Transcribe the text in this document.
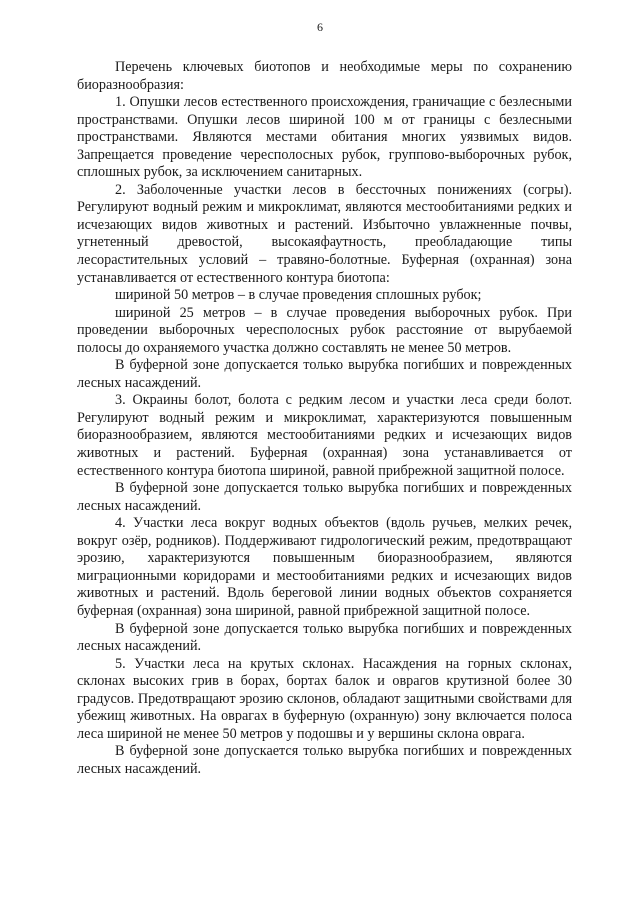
6

Перечень ключевых биотопов и необходимые меры по сохранению биоразнообразия:

1. Опушки лесов естественного происхождения, граничащие с безлесными пространствами. Опушки лесов шириной 100 м от границы с безлесными пространствами. Являются местами обитания многих уязвимых видов. Запрещается проведение чересполосных рубок, группово-выборочных рубок, сплошных рубок, за исключением санитарных.

2. Заболоченные участки лесов в бессточных понижениях (согры). Регулируют водный режим и микроклимат, являются местообитаниями редких и исчезающих видов животных и растений. Избыточно увлажненные почвы, угнетенный древостой, высокаяфаутность, преобладающие типы лесорастительных условий – травяно-болотные. Буферная (охранная) зона устанавливается от естественного контура биотопа:

шириной 50 метров – в случае проведения сплошных рубок;

шириной 25 метров – в случае проведения выборочных рубок. При проведении выборочных чересполосных рубок расстояние от вырубаемой полосы до охраняемого участка должно составлять не менее 50 метров.

В буферной зоне допускается только вырубка погибших и поврежденных лесных насаждений.

3. Окраины болот, болота с редким лесом и участки леса среди болот. Регулируют водный режим и микроклимат, характеризуются повышенным биоразнообразием, являются местообитаниями редких и исчезающих видов животных и растений. Буферная (охранная) зона устанавливается от естественного контура биотопа шириной, равной прибрежной защитной полосе.

В буферной зоне допускается только вырубка погибших и поврежденных лесных насаждений.

4. Участки леса вокруг водных объектов (вдоль ручьев, мелких речек, вокруг озёр, родников). Поддерживают гидрологический режим, предотвращают эрозию, характеризуются повышенным биоразнообразием, являются миграционными коридорами и местообитаниями редких и исчезающих видов животных и растений. Вдоль береговой линии водных объектов сохраняется буферная (охранная) зона шириной, равной прибрежной защитной полосе.

В буферной зоне допускается только вырубка погибших и поврежденных лесных насаждений.

5. Участки леса на крутых склонах. Насаждения на горных склонах, склонах высоких грив в борах, бортах балок и оврагов крутизной более 30 градусов. Предотвращают эрозию склонов, обладают защитными свойствами для убежищ животных. На оврагах в буферную (охранную) зону включается полоса леса шириной не менее 50 метров у подошвы и у вершины склона оврага.

В буферной зоне допускается только вырубка погибших и поврежденных лесных насаждений.
